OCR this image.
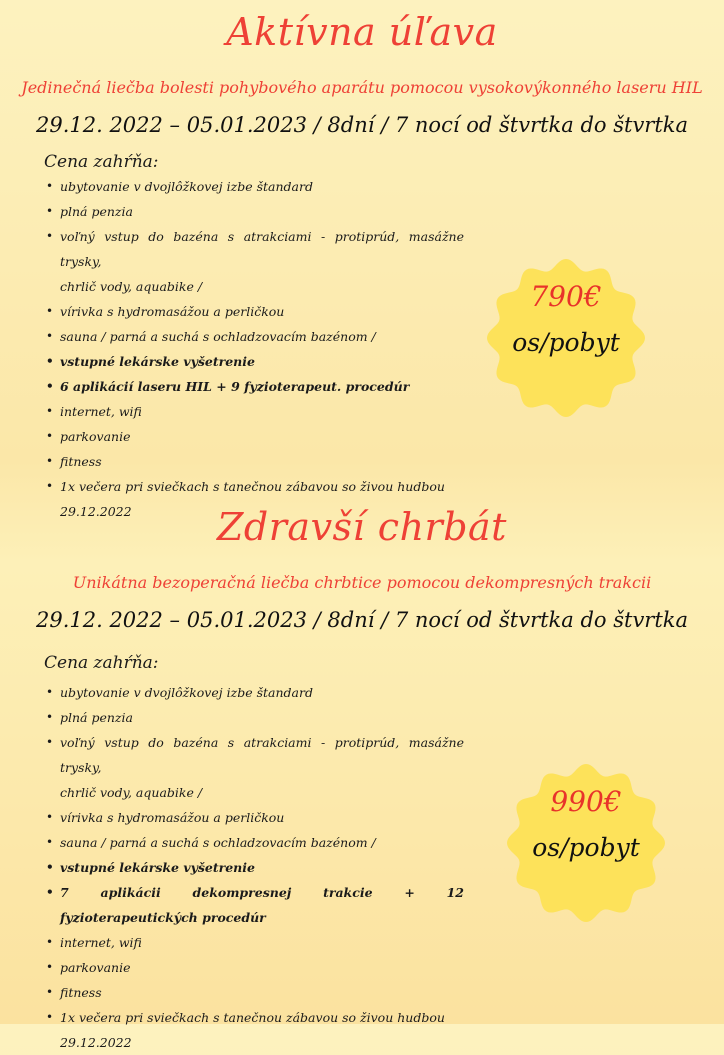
Aktívna úľava
Jedinečná liečba bolesti pohybového aparátu pomocou vysokovýkonného laseru HIL
29.12. 2022 – 05.01.2023 / 8dní / 7 nocí od štvrtka do štvrtka
Cena zahŕňa:
• ubytovanie v dvojlôžkovej izbe štandard
• plná penzia
• voľný vstup do bazéna s atrakciami - protiprúd, masážne trysky,
chrlič vody, aquabike /
• vírivka s hydromasážou a perličkou
• sauna / parná a suchá s ochladzovacím bazénom /
• vstupné lekárske vyšetrenie
• 6 aplikácií laseru HIL + 9 fyzioterapeut. procedúr
• internet, wifi
• parkovanie
• fitness
• 1x večera pri sviečkach s tanečnou zábavou so živou hudbou
29.12.2022
790€
os/pobyt
Zdravší chrbát
Unikátna bezoperačná liečba chrbtice pomocou dekompresných trakcii
29.12. 2022 – 05.01.2023 / 8dní / 7 nocí od štvrtka do štvrtka
Cena zahŕňa:
• ubytovanie v dvojlôžkovej izbe štandard
• plná penzia
• voľný vstup do bazéna s atrakciami - protiprúd, masážne trysky,
chrlič vody, aquabike /
• vírivka s hydromasážou a perličkou
• sauna / parná a suchá s ochladzovacím bazénom /
• vstupné lekárske vyšetrenie
• 7 aplikácii dekompresnej trakcie + 12 fyzioterapeutických procedúr
• internet, wifi
• parkovanie
• fitness
• 1x večera pri sviečkach s tanečnou zábavou so živou hudbou
29.12.2022
990€
os/pobyt
